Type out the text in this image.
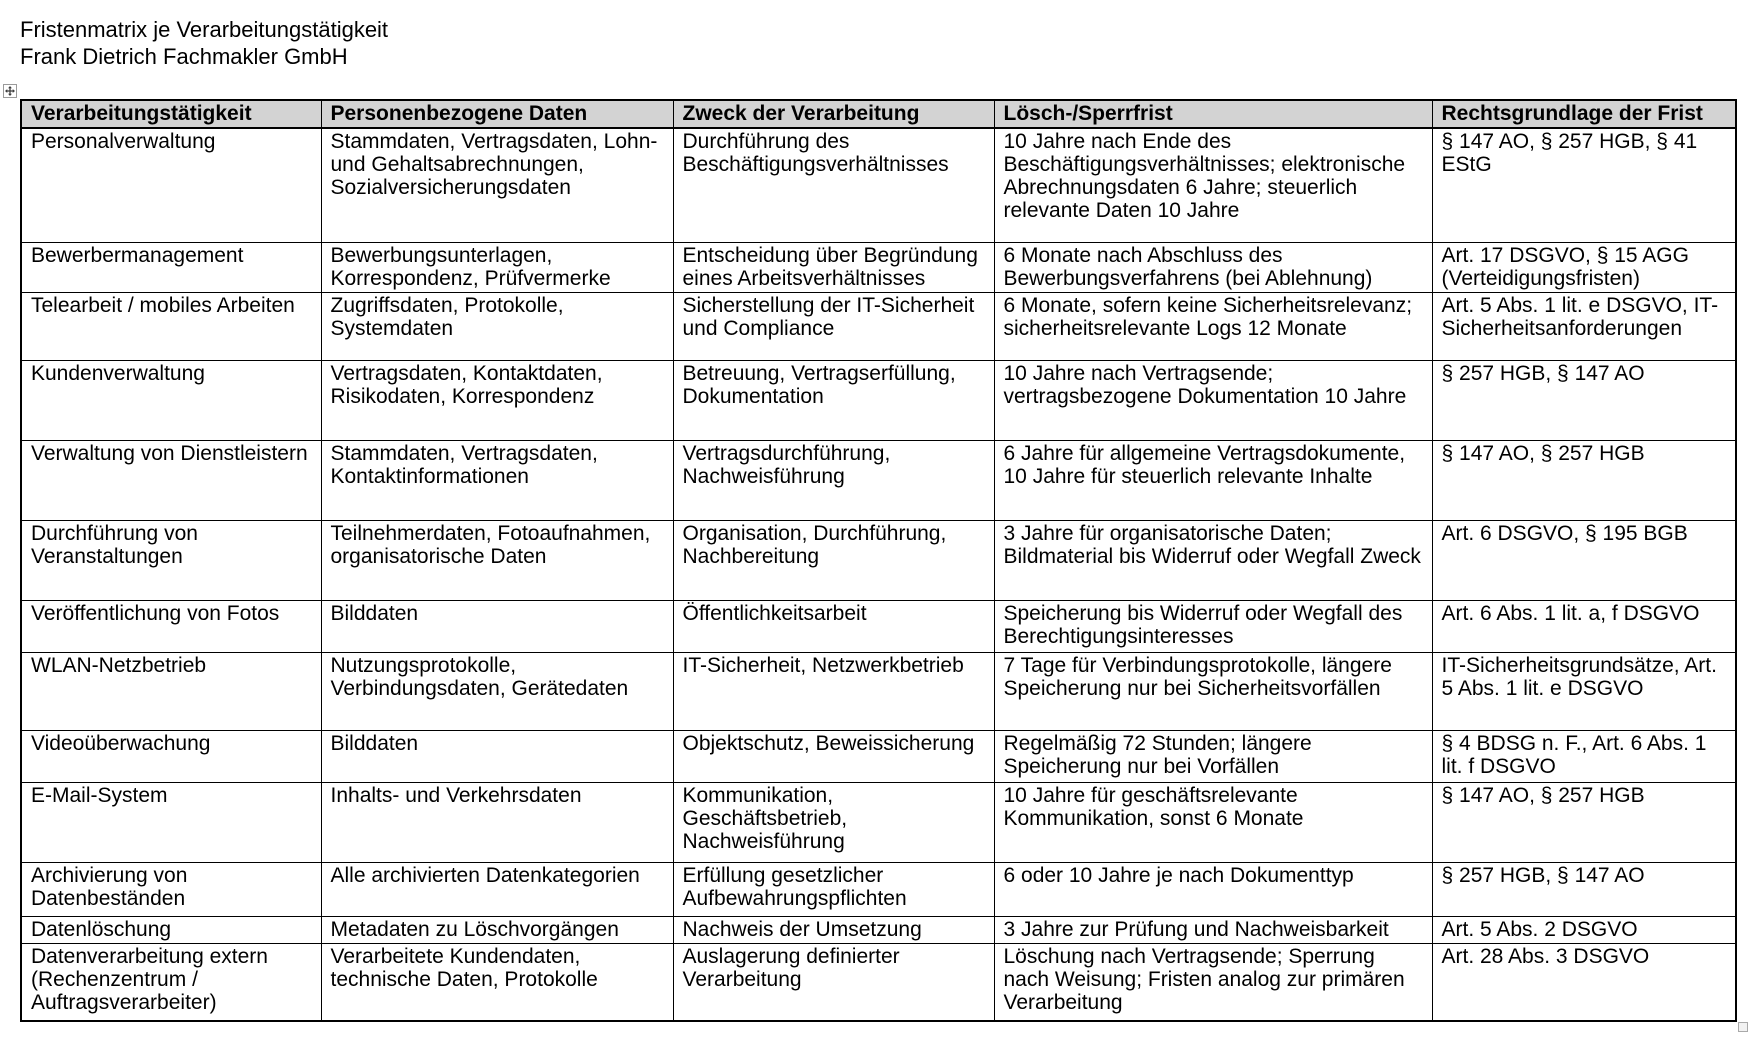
Fristenmatrix je Verarbeitungstätigkeit
Frank Dietrich Fachmakler GmbH
Verarbeitungstätigkeit	Personenbezogene Daten	Zweck der Verarbeitung	Lösch-/Sperrfrist	Rechtsgrundlage der Frist
Personalverwaltung	Stammdaten, Vertragsdaten, Lohn- und Gehaltsabrechnungen, Sozialversicherungsdaten	Durchführung des Beschäftigungsverhältnisses	10 Jahre nach Ende des Beschäftigungsverhältnisses; elektronische Abrechnungsdaten 6 Jahre; steuerlich relevante Daten 10 Jahre	§ 147 AO, § 257 HGB, § 41 EStG
Bewerbermanagement	Bewerbungsunterlagen, Korrespondenz, Prüfvermerke	Entscheidung über Begründung eines Arbeitsverhältnisses	6 Monate nach Abschluss des Bewerbungsverfahrens (bei Ablehnung)	Art. 17 DSGVO, § 15 AGG (Verteidigungsfristen)
Telearbeit / mobiles Arbeiten	Zugriffsdaten, Protokolle, Systemdaten	Sicherstellung der IT-Sicherheit und Compliance	6 Monate, sofern keine Sicherheitsrelevanz; sicherheitsrelevante Logs 12 Monate	Art. 5 Abs. 1 lit. e DSGVO, IT-Sicherheitsanforderungen
Kundenverwaltung	Vertragsdaten, Kontaktdaten, Risikodaten, Korrespondenz	Betreuung, Vertragserfüllung, Dokumentation	10 Jahre nach Vertragsende; vertragsbezogene Dokumentation 10 Jahre	§ 257 HGB, § 147 AO
Verwaltung von Dienstleistern	Stammdaten, Vertragsdaten, Kontaktinformationen	Vertragsdurchführung, Nachweisführung	6 Jahre für allgemeine Vertragsdokumente, 10 Jahre für steuerlich relevante Inhalte	§ 147 AO, § 257 HGB
Durchführung von Veranstaltungen	Teilnehmerdaten, Fotoaufnahmen, organisatorische Daten	Organisation, Durchführung, Nachbereitung	3 Jahre für organisatorische Daten; Bildmaterial bis Widerruf oder Wegfall Zweck	Art. 6 DSGVO, § 195 BGB
Veröffentlichung von Fotos	Bilddaten	Öffentlichkeitsarbeit	Speicherung bis Widerruf oder Wegfall des Berechtigungsinteresses	Art. 6 Abs. 1 lit. a, f DSGVO
WLAN-Netzbetrieb	Nutzungsprotokolle, Verbindungsdaten, Gerätedaten	IT-Sicherheit, Netzwerkbetrieb	7 Tage für Verbindungsprotokolle, längere Speicherung nur bei Sicherheitsvorfällen	IT-Sicherheitsgrundsätze, Art. 5 Abs. 1 lit. e DSGVO
Videoüberwachung	Bilddaten	Objektschutz, Beweissicherung	Regelmäßig 72 Stunden; längere Speicherung nur bei Vorfällen	§ 4 BDSG n. F., Art. 6 Abs. 1 lit. f DSGVO
E-Mail-System	Inhalts- und Verkehrsdaten	Kommunikation, Geschäftsbetrieb, Nachweisführung	10 Jahre für geschäftsrelevante Kommunikation, sonst 6 Monate	§ 147 AO, § 257 HGB
Archivierung von Datenbeständen	Alle archivierten Datenkategorien	Erfüllung gesetzlicher Aufbewahrungspflichten	6 oder 10 Jahre je nach Dokumenttyp	§ 257 HGB, § 147 AO
Datenlöschung	Metadaten zu Löschvorgängen	Nachweis der Umsetzung	3 Jahre zur Prüfung und Nachweisbarkeit	Art. 5 Abs. 2 DSGVO
Datenverarbeitung extern (Rechenzentrum / Auftragsverarbeiter)	Verarbeitete Kundendaten, technische Daten, Protokolle	Auslagerung definierter Verarbeitung	Löschung nach Vertragsende; Sperrung nach Weisung; Fristen analog zur primären Verarbeitung	Art. 28 Abs. 3 DSGVO
